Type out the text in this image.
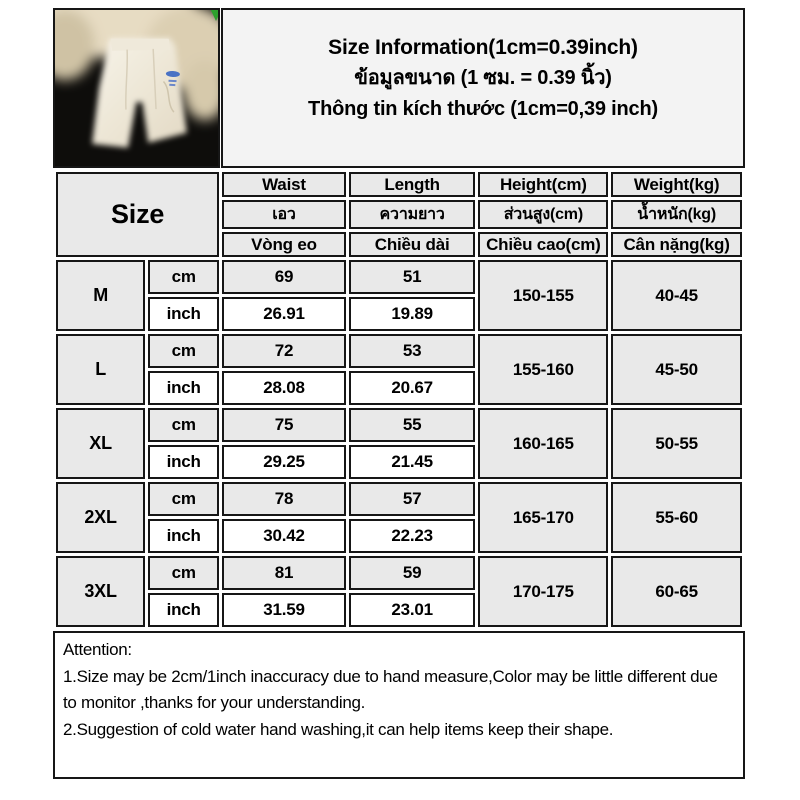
Size Information(1cm=0.39inch)
ข้อมูลขนาด (1 ซม. = 0.39 นิ้ว)
Thông tin kích thước (1cm=0,39 inch)
Size		Waist	Length	Height(cm)	Weight(kg)
		เอว	ความยาว	ส่วนสูง(cm)	น้ำหนัก(kg)
		Vòng eo	Chiều dài	Chiều cao(cm)	Cân nặng(kg)
M	cm	69	51	150-155	40-45
	inch	26.91	19.89		
L	cm	72	53	155-160	45-50
	inch	28.08	20.67		
XL	cm	75	55	160-165	50-55
	inch	29.25	21.45		
2XL	cm	78	57	165-170	55-60
	inch	30.42	22.23		
3XL	cm	81	59	170-175	60-65
	inch	31.59	23.01		
Attention:
1.Size may be 2cm/1inch inaccuracy due to hand measure,Color may be little different due to monitor ,thanks for your understanding.
2.Suggestion of cold water hand washing,it can help items keep their shape.
